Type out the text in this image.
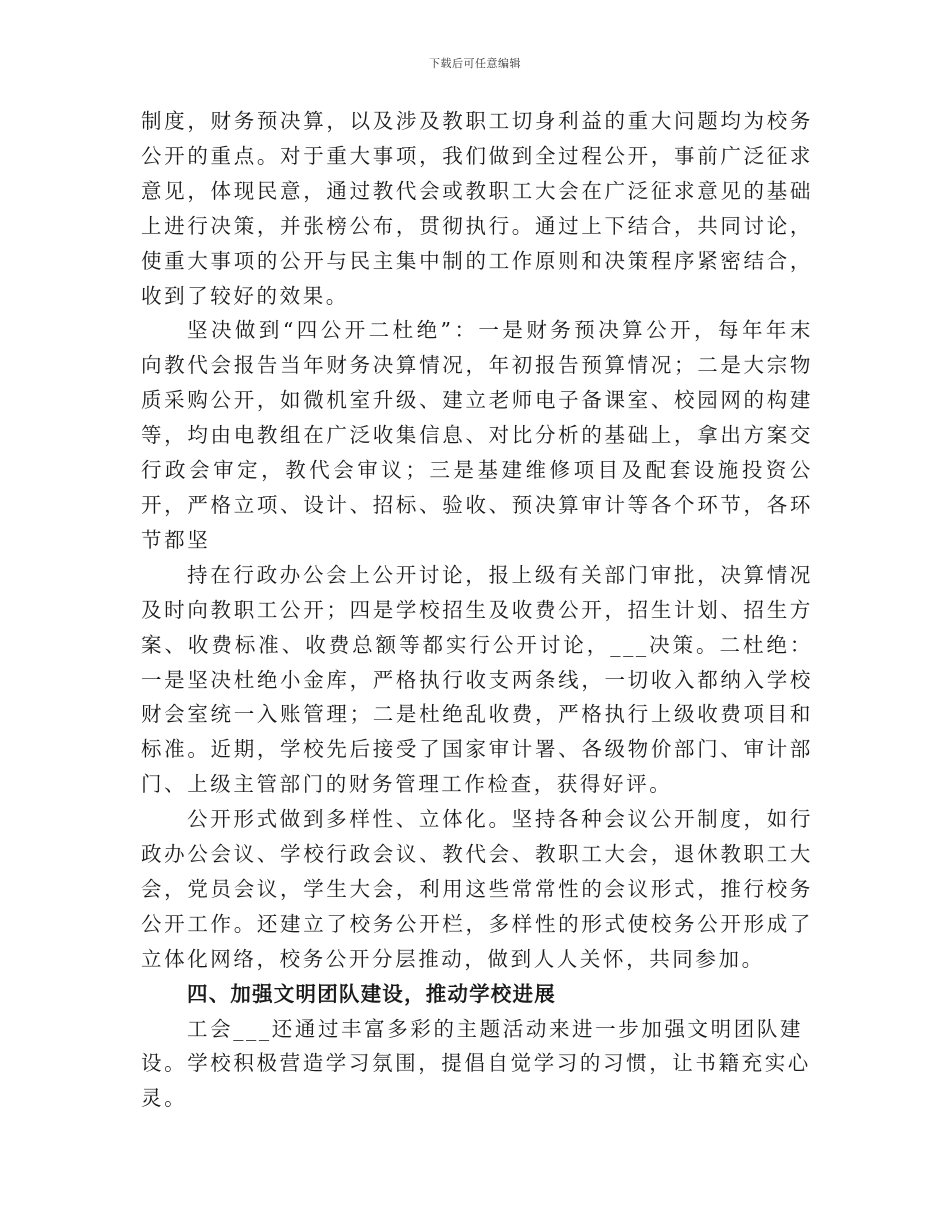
下载后可任意编辑

制度，财务预决算，以及涉及教职工切身利益的重大问题均为校务公开的重点。对于重大事项，我们做到全过程公开，事前广泛征求意见，体现民意，通过教代会或教职工大会在广泛征求意见的基础上进行决策，并张榜公布，贯彻执行。通过上下结合，共同讨论，使重大事项的公开与民主集中制的工作原则和决策程序紧密结合，收到了较好的效果。

坚决做到“四公开二杜绝”：一是财务预决算公开，每年年末向教代会报告当年财务决算情况，年初报告预算情况；二是大宗物质采购公开，如微机室升级、建立老师电子备课室、校园网的构建等，均由电教组在广泛收集信息、对比分析的基础上，拿出方案交行政会审定，教代会审议；三是基建维修项目及配套设施投资公开，严格立项、设计、招标、验收、预决算审计等各个环节，各环节都坚

持在行政办公会上公开讨论，报上级有关部门审批，决算情况及时向教职工公开；四是学校招生及收费公开，招生计划、招生方案、收费标准、收费总额等都实行公开讨论，___决策。二杜绝：一是坚决杜绝小金库，严格执行收支两条线，一切收入都纳入学校财会室统一入账管理；二是杜绝乱收费，严格执行上级收费项目和标准。近期，学校先后接受了国家审计署、各级物价部门、审计部门、上级主管部门的财务管理工作检查，获得好评。

公开形式做到多样性、立体化。坚持各种会议公开制度，如行政办公会议、学校行政会议、教代会、教职工大会，退休教职工大会，党员会议，学生大会，利用这些常常性的会议形式，推行校务公开工作。还建立了校务公开栏，多样性的形式使校务公开形成了立体化网络，校务公开分层推动，做到人人关怀，共同参加。

四、加强文明团队建设，推动学校进展

工会___还通过丰富多彩的主题活动来进一步加强文明团队建设。学校积极营造学习氛围，提倡自觉学习的习惯，让书籍充实心灵。
